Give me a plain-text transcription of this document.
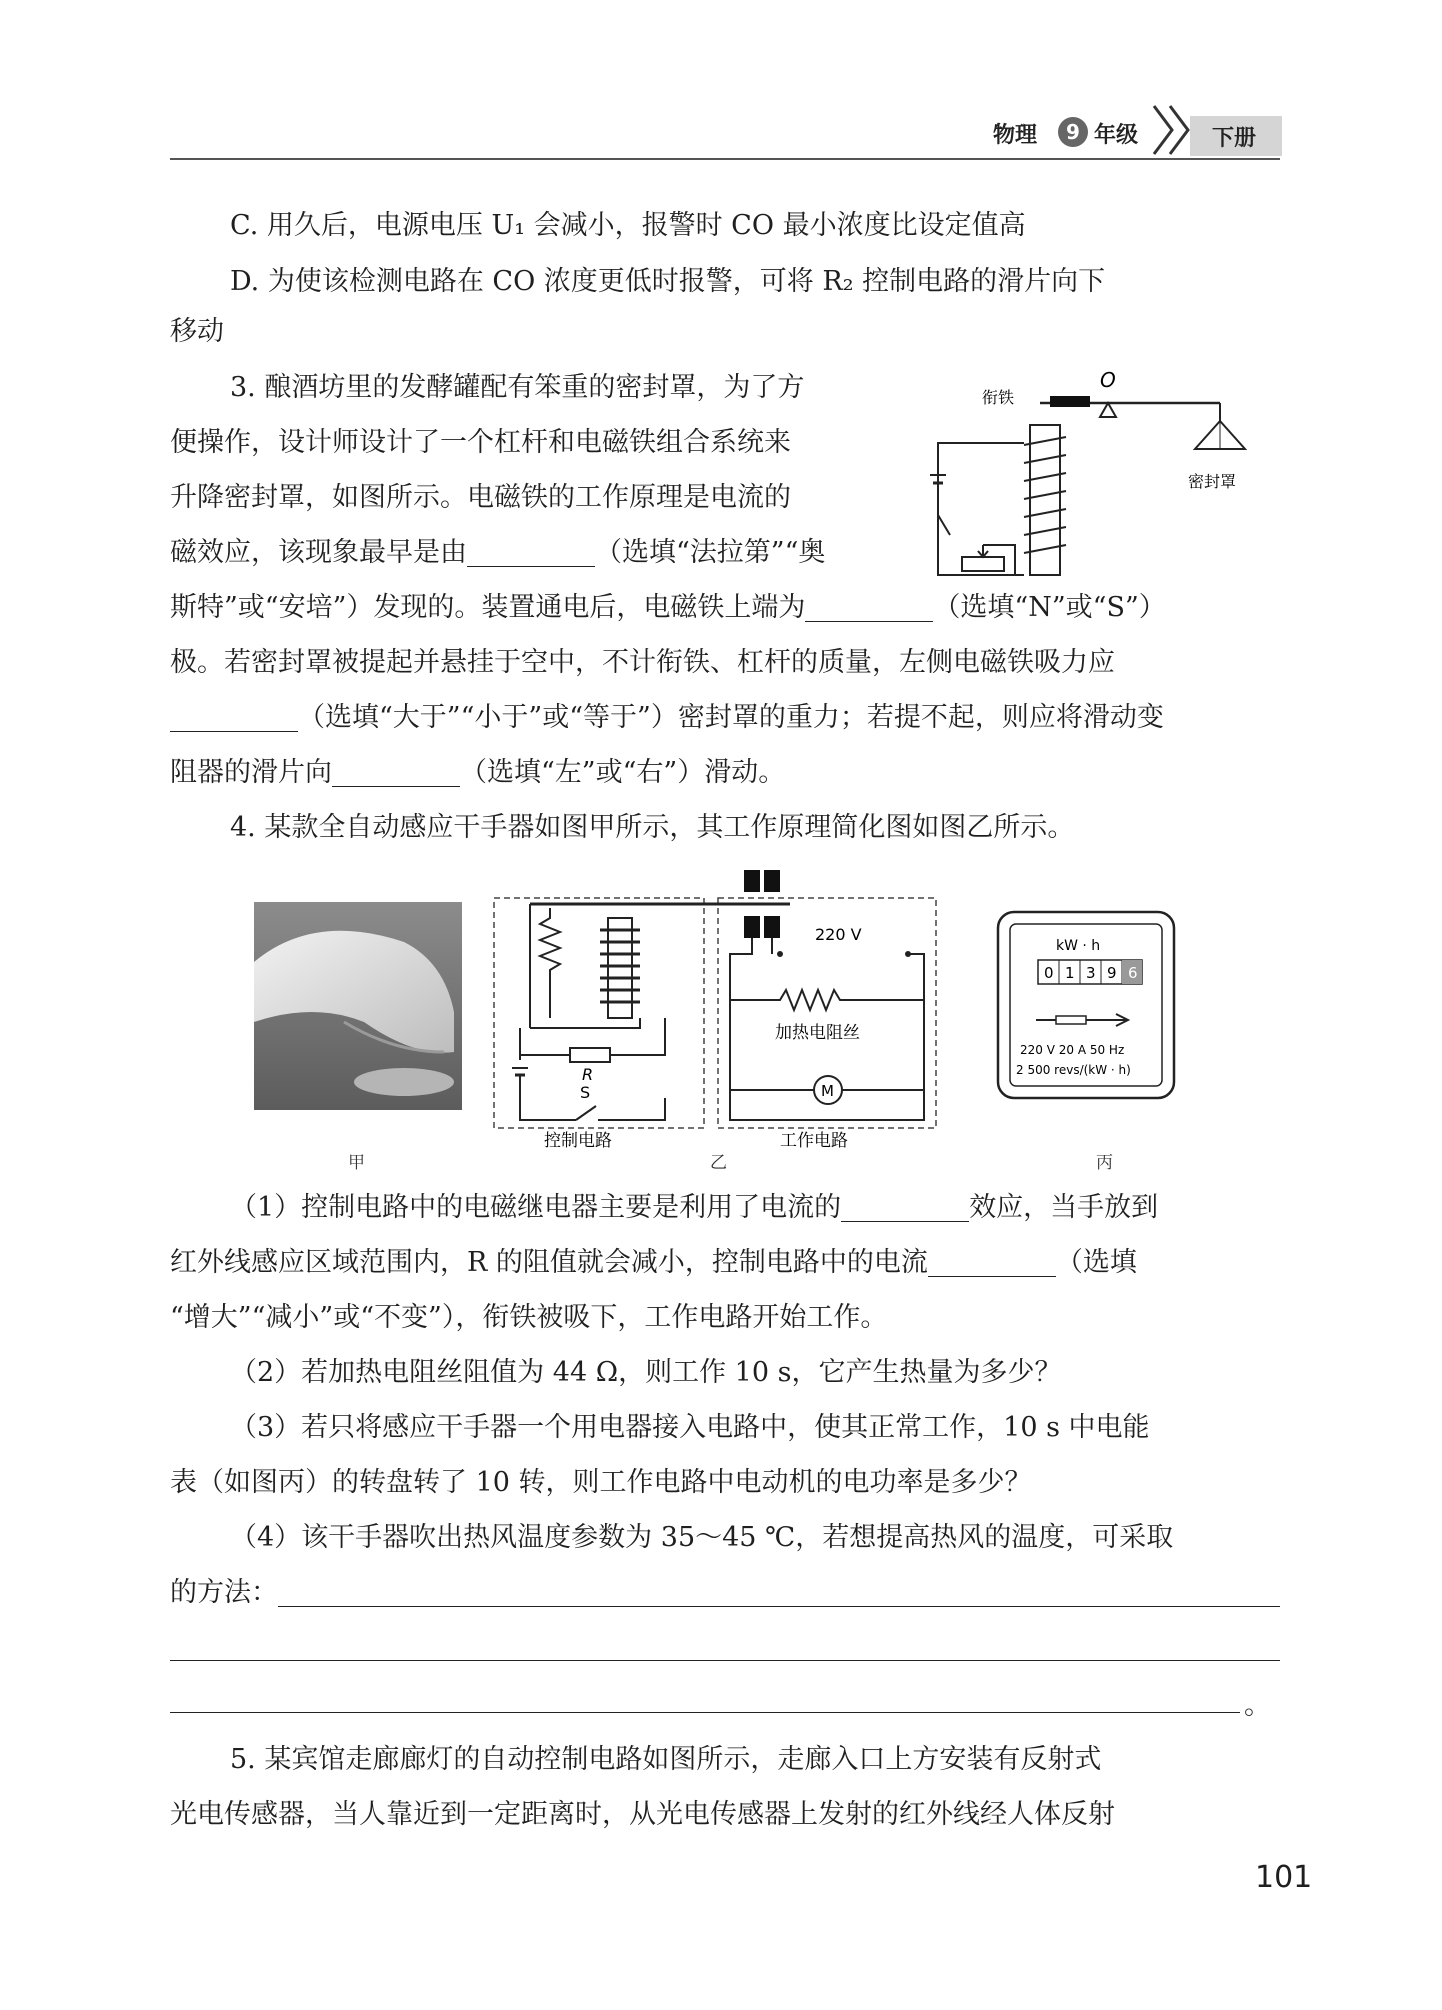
物理	9 年级	下册
C. 用久后，电源电压 U₁ 会减小，报警时 CO 最小浓度比设定值高
D. 为使该检测电路在 CO 浓度更低时报警，可将 R₂ 控制电路的滑片向下
移动
3. 酿酒坊里的发酵罐配有笨重的密封罩，为了方
便操作，设计师设计了一个杠杆和电磁铁组合系统来
升降密封罩，如图所示。电磁铁的工作原理是电流的
磁效应，该现象最早是由	（选填“法拉第”“奥
斯特”或“安培”）发现的。装置通电后，电磁铁上端为	（选填“N”或“S”）
极。若密封罩被提起并悬挂于空中，不计衔铁、杠杆的质量，左侧电磁铁吸力应
（选填“大于”“小于”或“等于”）密封罩的重力；若提不起，则应将滑动变
阻器的滑片向	（选填“左”或“右”）滑动。
O
衔铁
密封罩
4. 某款全自动感应干手器如图甲所示，其工作原理简化图如图乙所示。
甲
R
S
控制电路
220 V
加热电阻丝
M
工作电路
乙
kW · h
0 1 3 9 6
220 V 20 A 50 Hz
2 500 revs/(kW · h)
丙
（1）控制电路中的电磁继电器主要是利用了电流的	效应，当手放到
红外线感应区域范围内，R 的阻值就会减小，控制电路中的电流	（选填
“增大”“减小”或“不变”），衔铁被吸下，工作电路开始工作。
（2）若加热电阻丝阻值为 44 Ω，则工作 10 s，它产生热量为多少？
（3）若只将感应干手器一个用电器接入电路中，使其正常工作，10 s 中电能
表（如图丙）的转盘转了 10 转，则工作电路中电动机的电功率是多少？
（4）该干手器吹出热风温度参数为 35～45 ℃，若想提高热风的温度，可采取
的方法：
。
5. 某宾馆走廊廊灯的自动控制电路如图所示，走廊入口上方安装有反射式
光电传感器，当人靠近到一定距离时，从光电传感器上发射的红外线经人体反射
101
